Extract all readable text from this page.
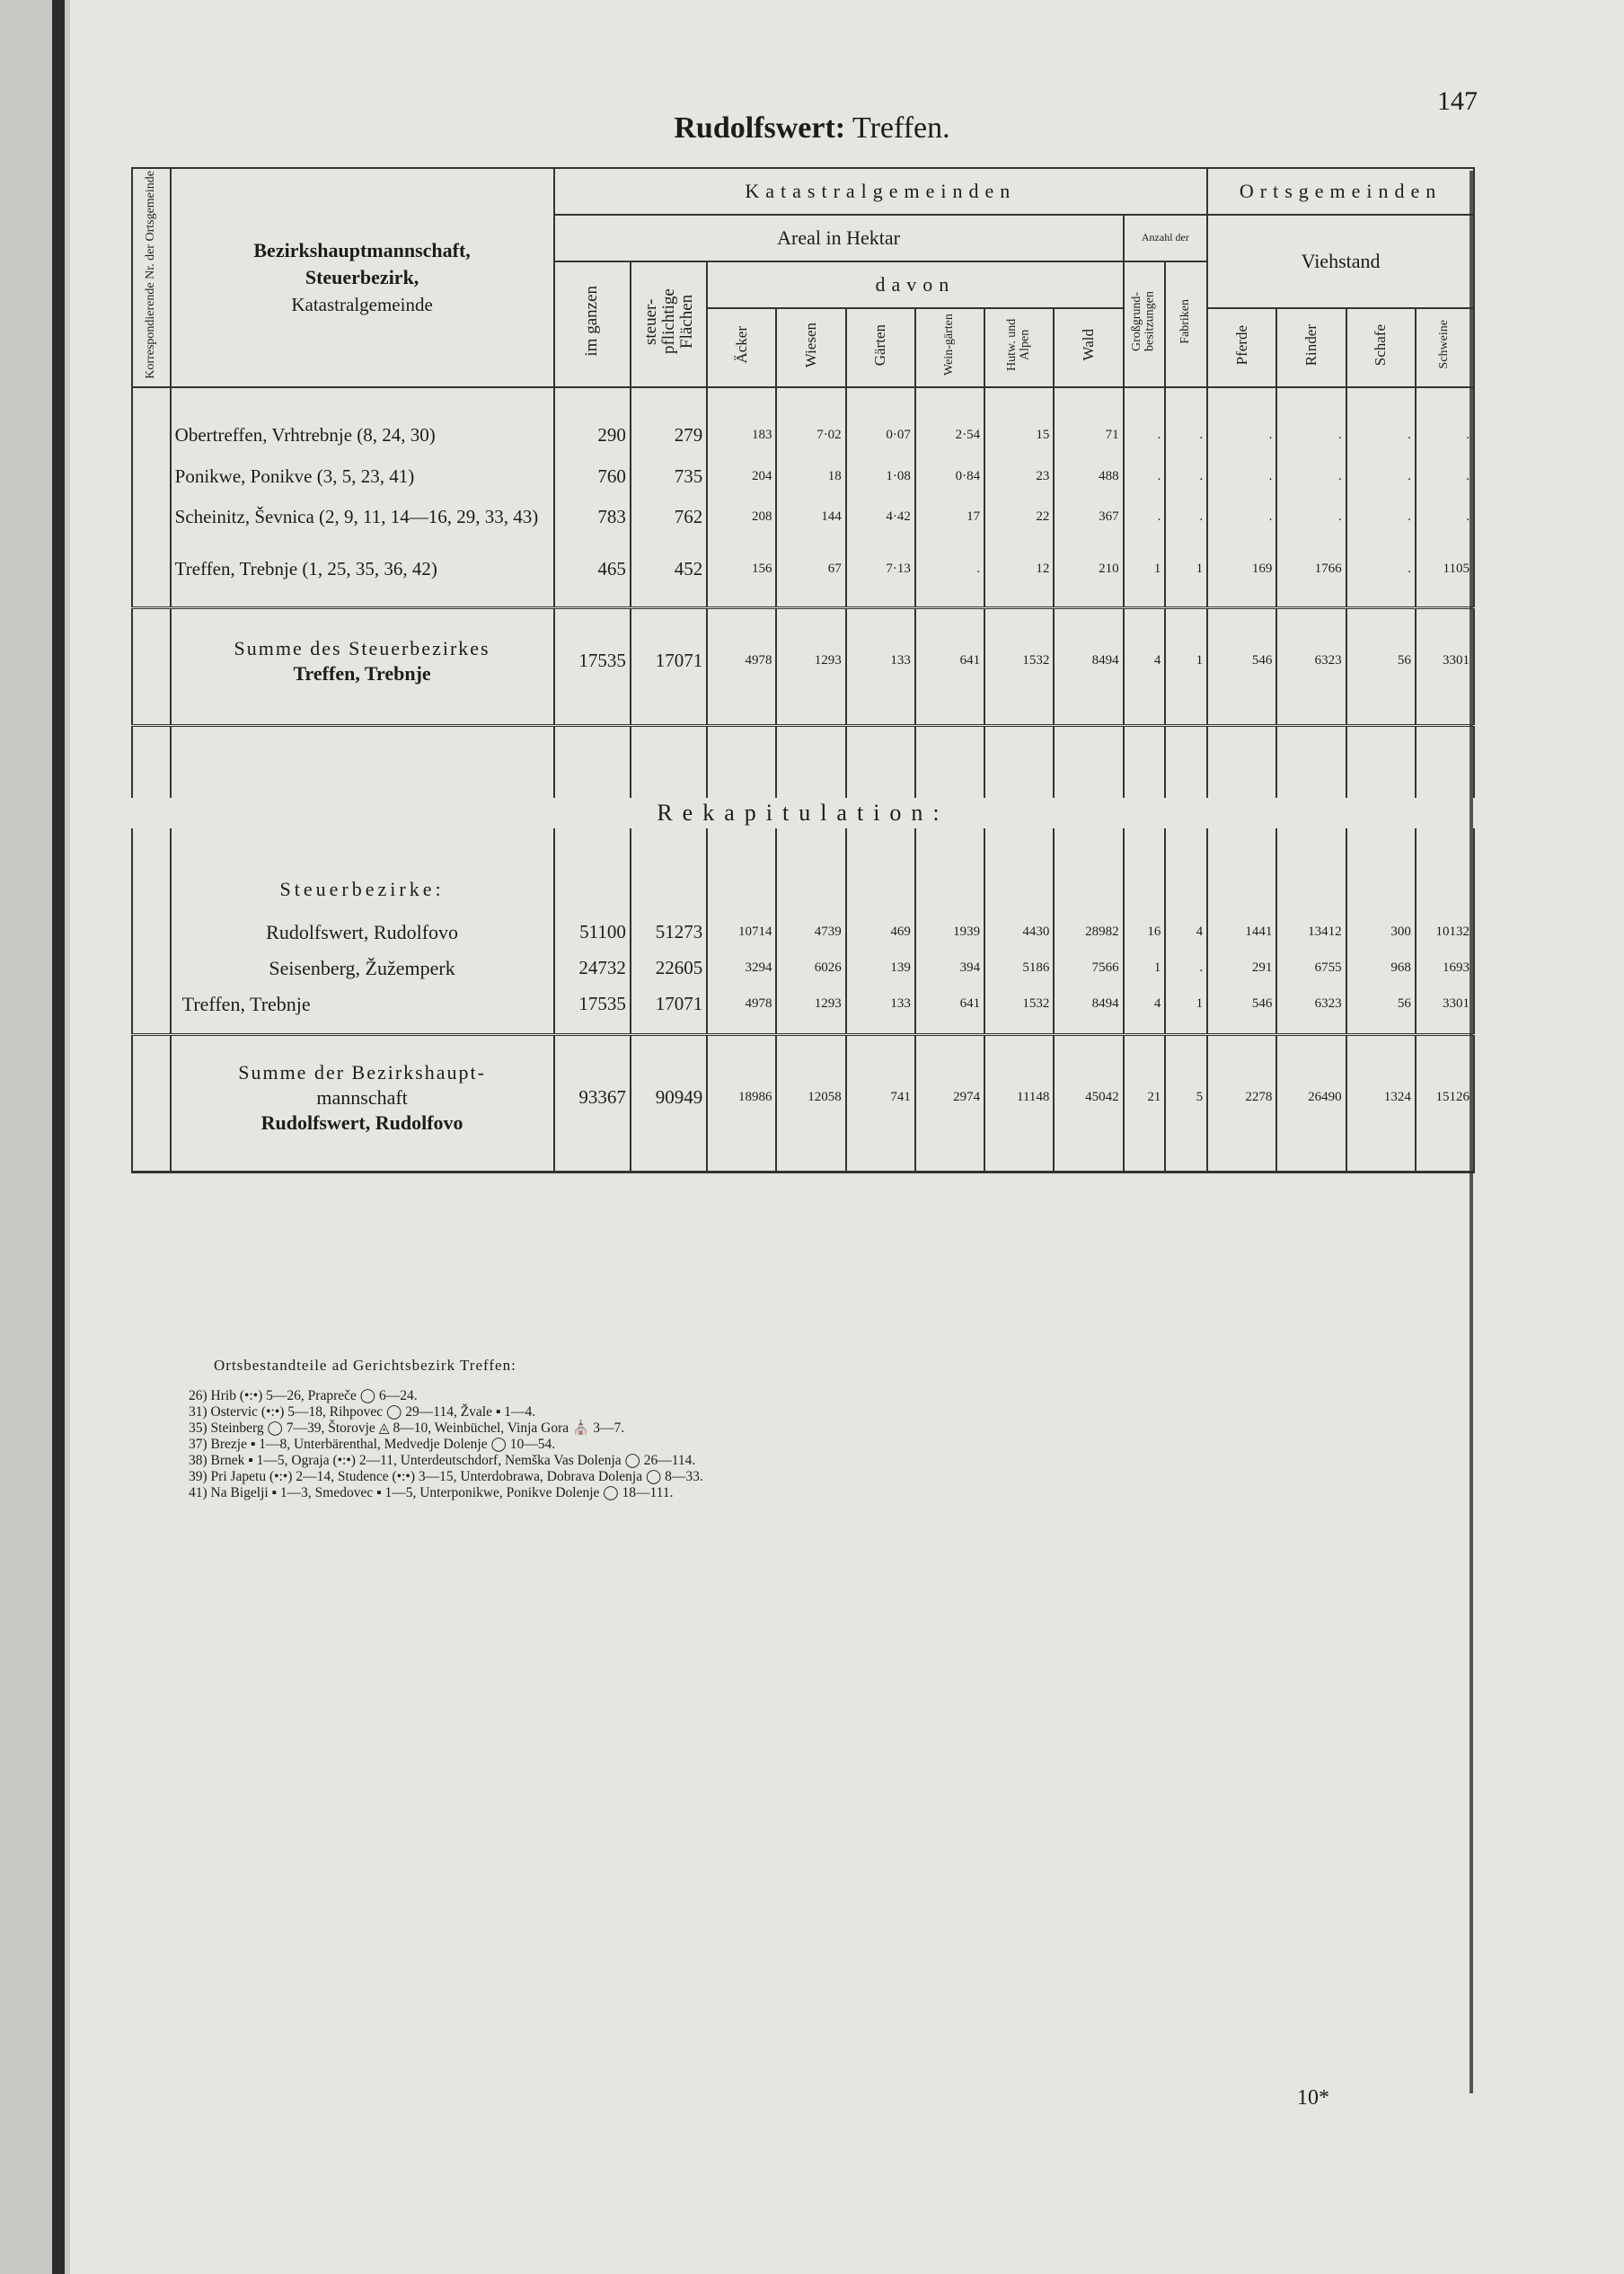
147
Rudolfswert: Treffen.
Korrespondierende Nr. der Ortsgemeinde	Bezirkshauptmannschaft,
Steuerbezirk,
Katastralgemeinde	Katastralgemeinden										Ortsgemeinden			
		Areal in Hektar								Anzahl der		Viehstand			
		im ganzen	steuer-pflichtige Flächen	davon						Großgrund-besitzungen	Fabriken				
				Äcker	Wiesen	Gärten	Wein-gärten	Hutw. und Alpen	Wald			Pferde	Rinder	Schafe	Schweine

	Obertreffen, Vrhtrebnje (8, 24, 30)	290	279	183	7·02	0·07	2·54	15	71	.	.	.	.	.	.
	Ponikwe, Ponikve (3, 5, 23, 41)	760	735	204	18	1·08	0·84	23	488	.	.	.	.	.	.
	Scheinitz, Ševnica (2, 9, 11, 14—16, 29, 33, 43)	783	762	208	144	4·42	17	22	367	.	.	.	.	.	.
	Treffen, Trebnje (1, 25, 35, 36, 42)	465	452	156	67	7·13	.	12	210	1	1	169	1766	.	1105

	Summe des Steuerbezirkes
Treffen, Trebnje	17535	17071	4978	1293	133	641	1532	8494	4	1	546	6323	56	3301

Rekapitulation:															
	Steuerbezirke:														
	Rudolfswert, Rudolfovo	51100	51273	10714	4739	469	1939	4430	28982	16	4	1441	13412	300	10132
	Seisenberg, Žužemperk	24732	22605	3294	6026	139	394	5186	7566	1	.	291	6755	968	1693
	Treffen, Trebnje	17535	17071	4978	1293	133	641	1532	8494	4	1	546	6323	56	3301

	Summe der Bezirkshaupt-
mannschaft
Rudolfswert, Rudolfovo	93367	90949	18986	12058	741	2974	11148	45042	21	5	2278	26490	1324	15126

Ortsbestandteile ad Gerichtsbezirk Treffen:
26) Hrib (•:•) 5—26, Prapreče ◯ 6—24.
31) Ostervic (•:•) 5—18, Rihpovec ◯ 29—114, Žvale ▪ 1—4.
35) Steinberg ◯ 7—39, Štorovje ◬ 8—10, Weinbüchel, Vinja Gora ⛪ 3—7.
37) Brezje ▪ 1—8, Unterbärenthal, Medvedje Dolenje ◯ 10—54.
38) Brnek ▪ 1—5, Ograja (•:•) 2—11, Unterdeutschdorf, Nemška Vas Dolenja ◯ 26—114.
39) Pri Japetu (•:•) 2—14, Studence (•:•) 3—15, Unterdobrawa, Dobrava Dolenja ◯ 8—33.
41) Na Bigelji ▪ 1—3, Smedovec ▪ 1—5, Unterponikwe, Ponikve Dolenje ◯ 18—111.
10*
